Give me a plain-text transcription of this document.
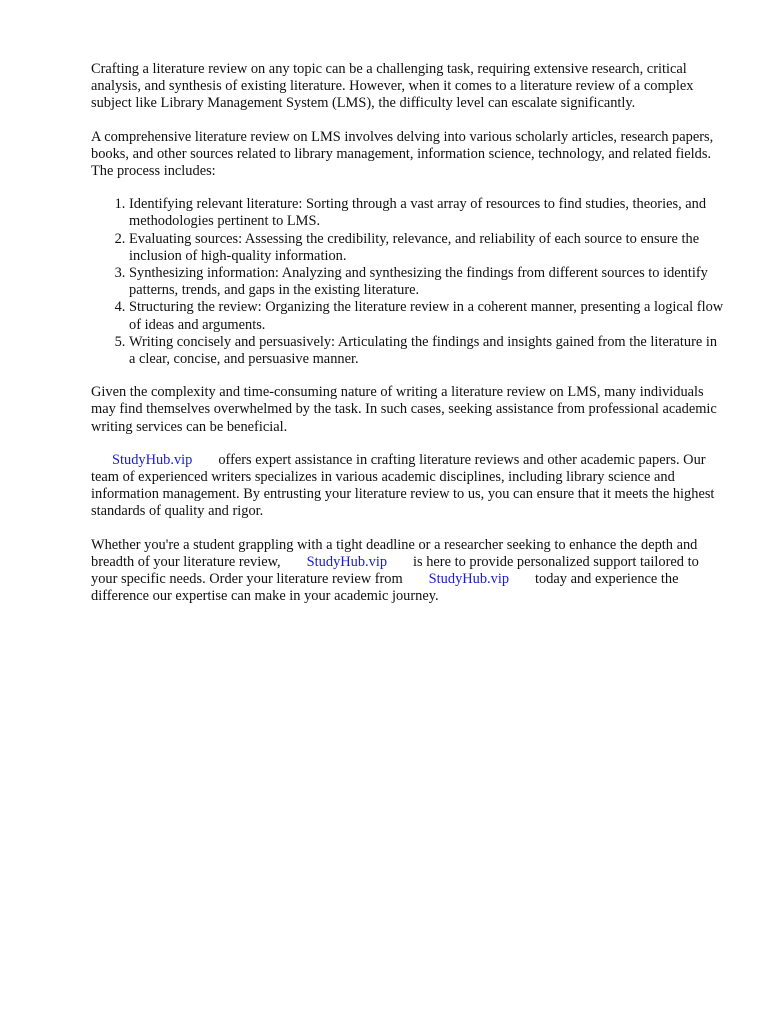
Crafting a literature review on any topic can be a challenging task, requiring extensive research, critical analysis, and synthesis of existing literature. However, when it comes to a literature review of a complex subject like Library Management System (LMS), the difficulty level can escalate significantly.

A comprehensive literature review on LMS involves delving into various scholarly articles, research papers, books, and other sources related to library management, information science, technology, and related fields. The process includes:

1. Identifying relevant literature: Sorting through a vast array of resources to find studies, theories, and methodologies pertinent to LMS.
2. Evaluating sources: Assessing the credibility, relevance, and reliability of each source to ensure the inclusion of high-quality information.
3. Synthesizing information: Analyzing and synthesizing the findings from different sources to identify patterns, trends, and gaps in the existing literature.
4. Structuring the review: Organizing the literature review in a coherent manner, presenting a logical flow of ideas and arguments.
5. Writing concisely and persuasively: Articulating the findings and insights gained from the literature in a clear, concise, and persuasive manner.

Given the complexity and time-consuming nature of writing a literature review on LMS, many individuals may find themselves overwhelmed by the task. In such cases, seeking assistance from professional academic writing services can be beneficial.

StudyHub.vip offers expert assistance in crafting literature reviews and other academic papers. Our team of experienced writers specializes in various academic disciplines, including library science and information management. By entrusting your literature review to us, you can ensure that it meets the highest standards of quality and rigor.

Whether you're a student grappling with a tight deadline or a researcher seeking to enhance the depth and breadth of your literature review, StudyHub.vip is here to provide personalized support tailored to your specific needs. Order your literature review from StudyHub.vip today and experience the difference our expertise can make in your academic journey.
